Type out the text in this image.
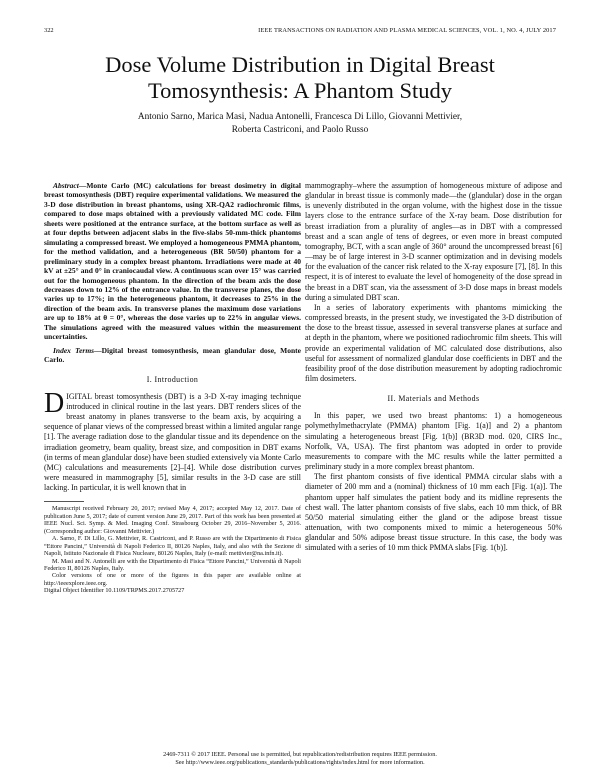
322	IEEE TRANSACTIONS ON RADIATION AND PLASMA MEDICAL SCIENCES, VOL. 1, NO. 4, JULY 2017
Dose Volume Distribution in Digital Breast Tomosynthesis: A Phantom Study
Antonio Sarno, Marica Masi, Nadua Antonelli, Francesca Di Lillo, Giovanni Mettivier,
Roberta Castriconi, and Paolo Russo

Abstract—Monte Carlo (MC) calculations for breast dosimetry in digital breast tomosynthesis (DBT) require experimental validations. We measured the 3-D dose distribution in breast phantoms, using XR-QA2 radiochromic films, compared to dose maps obtained with a previously validated MC code. Film sheets were positioned at the entrance surface, at the bottom surface as well as at four depths between adjacent slabs in the five-slabs 50-mm-thick phantoms simulating a compressed breast. We employed a homogeneous PMMA phantom, for the method validation, and a heterogeneous (BR 50/50) phantom for a preliminary study in a complex breast phantom. Irradiations were made at 40 kV at ±25° and 0° in craniocaudal view. A continuous scan over 15° was carried out for the homogeneous phantom. In the direction of the beam axis the dose decreases down to 12% of the entrance value. In the transverse planes, the dose varies up to 17%; in the heterogeneous phantom, it decreases to 25% in the direction of the beam axis. In transverse planes the maximum dose variations are up to 18% at θ = 0°, whereas the dose varies up to 22% in angular views. The simulations agreed with the measured values within the measurement uncertainties.

Index Terms—Digital breast tomosynthesis, mean glandular dose, Monte Carlo.

I. Introduction

DIGITAL breast tomosynthesis (DBT) is a 3-D X-ray imaging technique introduced in clinical routine in the last years. DBT renders slices of the breast anatomy in planes transverse to the beam axis, by acquiring a sequence of planar views of the compressed breast within a limited angular range [1]. The average radiation dose to the glandular tissue and its dependence on the irradiation geometry, beam quality, breast size, and composition in DBT exams (in terms of mean glandular dose) have been studied extensively via Monte Carlo (MC) calculations and measurements [2]–[4]. While dose distribution curves were measured in mammography [5], similar results in the 3-D case are still lacking. In particular, it is well known that in

Manuscript received February 20, 2017; revised May 4, 2017; accepted May 12, 2017. Date of publication June 5, 2017; date of current version June 29, 2017. Part of this work has been presented at IEEE Nucl. Sci. Symp. & Med. Imaging Conf. Strasbourg October 29, 2016–November 5, 2016. (Corresponding author: Giovanni Mettivier.)

A. Sarno, F. Di Lillo, G. Mettivier, R. Castriconi, and P. Russo are with the Dipartimento di Fisica “Ettore Pancini,” Università di Napoli Federico II, 80126 Naples, Italy, and also with the Sezione di Napoli, Istituto Nazionale di Fisica Nucleare, 80126 Naples, Italy (e-mail: mettivier@na.infn.it).

M. Masi and N. Antonelli are with the Dipartimento di Fisica “Ettore Pancini,” Università di Napoli Federico II, 80126 Naples, Italy.

Color versions of one or more of the figures in this paper are available online at http://ieeexplore.ieee.org.

Digital Object Identifier 10.1109/TRPMS.2017.2705727

mammography–where the assumption of homogeneous mixture of adipose and glandular in breast tissue is commonly made—the (glandular) dose in the organ is unevenly distributed in the organ volume, with the highest dose in the tissue layers close to the entrance surface of the X-ray beam. Dose distribution for breast irradiation from a plurality of angles—as in DBT with a compressed breast and a scan angle of tens of degrees, or even more in breast computed tomography, BCT, with a scan angle of 360° around the uncompressed breast [6]—may be of large interest in 3-D scanner optimization and in devising models for the evaluation of the cancer risk related to the X-ray exposure [7], [8]. In this respect, it is of interest to evaluate the level of homogeneity of the dose spread in the breast in a DBT scan, via the assessment of 3-D dose maps in breast models during a simulated DBT scan.

In a series of laboratory experiments with phantoms mimicking the compressed breasts, in the present study, we investigated the 3-D distribution of the dose to the breast tissue, assessed in several transverse planes at surface and at depth in the phantom, where we positioned radiochromic film sheets. This will provide an experimental validation of MC calculated dose distributions, also useful for assessment of normalized glandular dose coefficients in DBT and the feasibility proof of the dose distribution measurement by adopting radiochromic film dosimeters.

II. Materials and Methods

In this paper, we used two breast phantoms: 1) a homogeneous polymethylmethacrylate (PMMA) phantom [Fig. 1(a)] and 2) a phantom simulating a heterogeneous breast [Fig. 1(b)] (BR3D mod. 020, CIRS Inc., Norfolk, VA, USA). The first phantom was adopted in order to provide measurements to compare with the MC results while the latter permitted a preliminary study in a more complex breast phantom.

The first phantom consists of five identical PMMA circular slabs with a diameter of 200 mm and a (nominal) thickness of 10 mm each [Fig. 1(a)]. The phantom upper half simulates the patient body and its midline represents the chest wall. The latter phantom consists of five slabs, each 10 mm thick, of BR 50/50 material simulating either the gland or the adipose breast tissue attenuation, with two components mixed to mimic a heterogeneous 50% glandular and 50% adipose breast tissue structure. In this case, the body was simulated with a series of 10 mm thick PMMA slabs [Fig. 1(b)].

2469-7311 © 2017 IEEE. Personal use is permitted, but republication/redistribution requires IEEE permission.
See http://www.ieee.org/publications_standards/publications/rights/index.html for more information.
